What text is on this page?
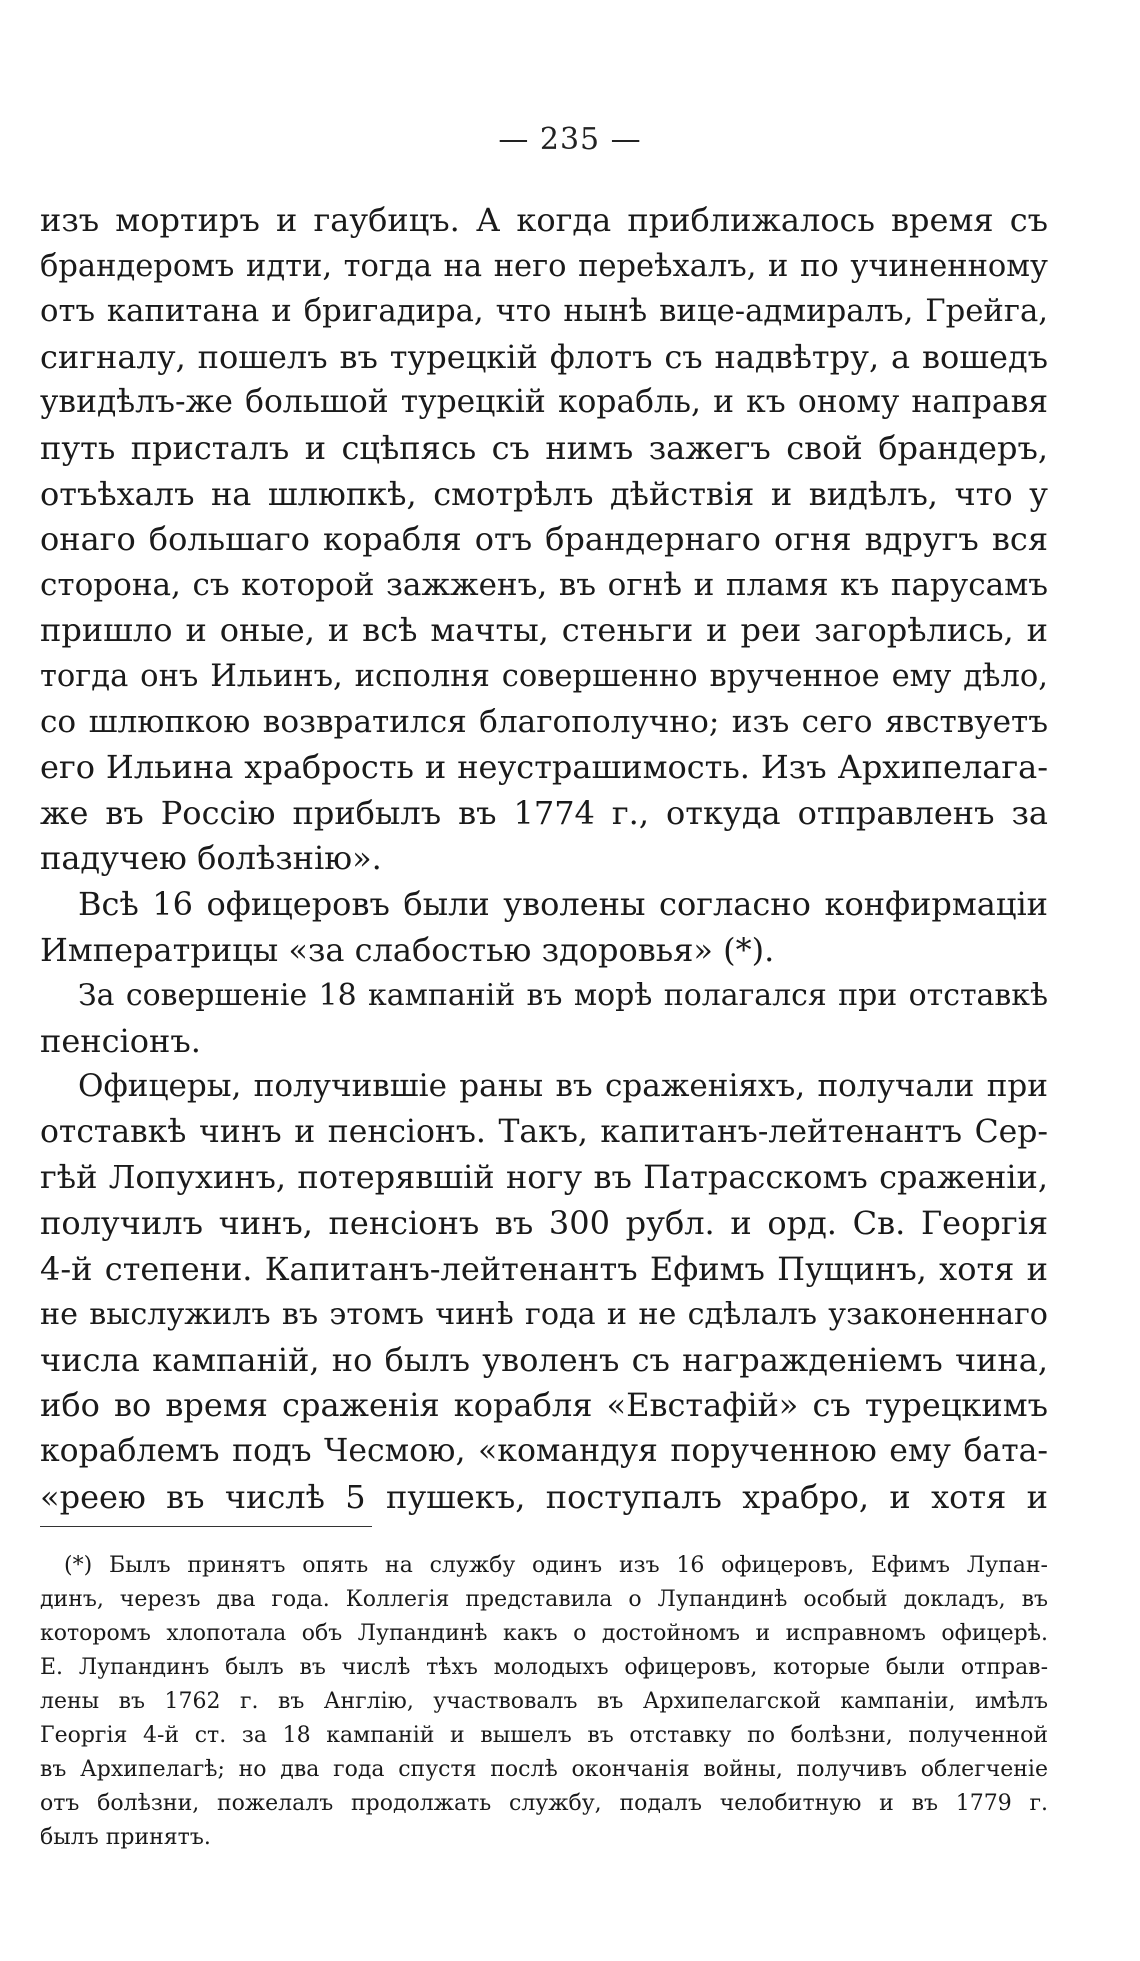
— 235 —
изъ мортиръ и гаубицъ. А когда приближалось время съ
брандеромъ идти, тогда на него переѣхалъ, и по учиненному
отъ капитана и бригадира, что нынѣ вице-адмиралъ, Грейга,
сигналу, пошелъ въ турецкій флотъ съ надвѣтру, а вошедъ
увидѣлъ-же большой турецкій корабль, и къ оному направя
путь присталъ и сцѣпясь съ нимъ зажегъ свой брандеръ,
отъѣхалъ на шлюпкѣ, смотрѣлъ дѣйствія и видѣлъ, что у
онаго большаго корабля отъ брандернаго огня вдругъ вся
сторона, съ которой зажженъ, въ огнѣ и пламя къ парусамъ
пришло и оные, и всѣ мачты, стеньги и реи загорѣлись, и
тогда онъ Ильинъ, исполня совершенно врученное ему дѣло,
со шлюпкою возвратился благополучно; изъ сего явствуетъ
его Ильина храбрость и неустрашимость. Изъ Архипелага-
же въ Россію прибылъ въ 1774 г., откуда отправленъ за
падучею болѣзнію».
Всѣ 16 офицеровъ были уволены согласно конфирмаціи
Императрицы «за слабостью здоровья» (*).
За совершеніе 18 кампаній въ морѣ полагался при отставкѣ
пенсіонъ.
Офицеры, получившіе раны въ сраженіяхъ, получали при
отставкѣ чинъ и пенсіонъ. Такъ, капитанъ-лейтенантъ Сер-
гѣй Лопухинъ, потерявшій ногу въ Патрасскомъ сраженіи,
получилъ чинъ, пенсіонъ въ 300 рубл. и орд. Св. Георгія
4-й степени. Капитанъ-лейтенантъ Ефимъ Пущинъ, хотя и
не выслужилъ въ этомъ чинѣ года и не сдѣлалъ узаконеннаго
числа кампаній, но былъ уволенъ съ награжденіемъ чина,
ибо во время сраженія корабля «Евстафій» съ турецкимъ
кораблемъ подъ Чесмою, «командуя порученною ему бата-
«реею въ числѣ 5 пушекъ, поступалъ храбро, и хотя и
(*) Былъ принятъ опять на службу одинъ изъ 16 офицеровъ, Ефимъ Лупан-
динъ, черезъ два года. Коллегія представила о Лупандинѣ особый докладъ, въ
которомъ хлопотала объ Лупандинѣ какъ о достойномъ и исправномъ офицерѣ.
Е. Лупандинъ былъ въ числѣ тѣхъ молодыхъ офицеровъ, которые были отправ-
лены въ 1762 г. въ Англію, участвовалъ въ Архипелагской кампаніи, имѣлъ
Георгія 4-й ст. за 18 кампаній и вышелъ въ отставку по болѣзни, полученной
въ Архипелагѣ; но два года спустя послѣ окончанія войны, получивъ облегченіе
отъ болѣзни, пожелалъ продолжать службу, подалъ челобитную и въ 1779 г.
былъ принятъ.
